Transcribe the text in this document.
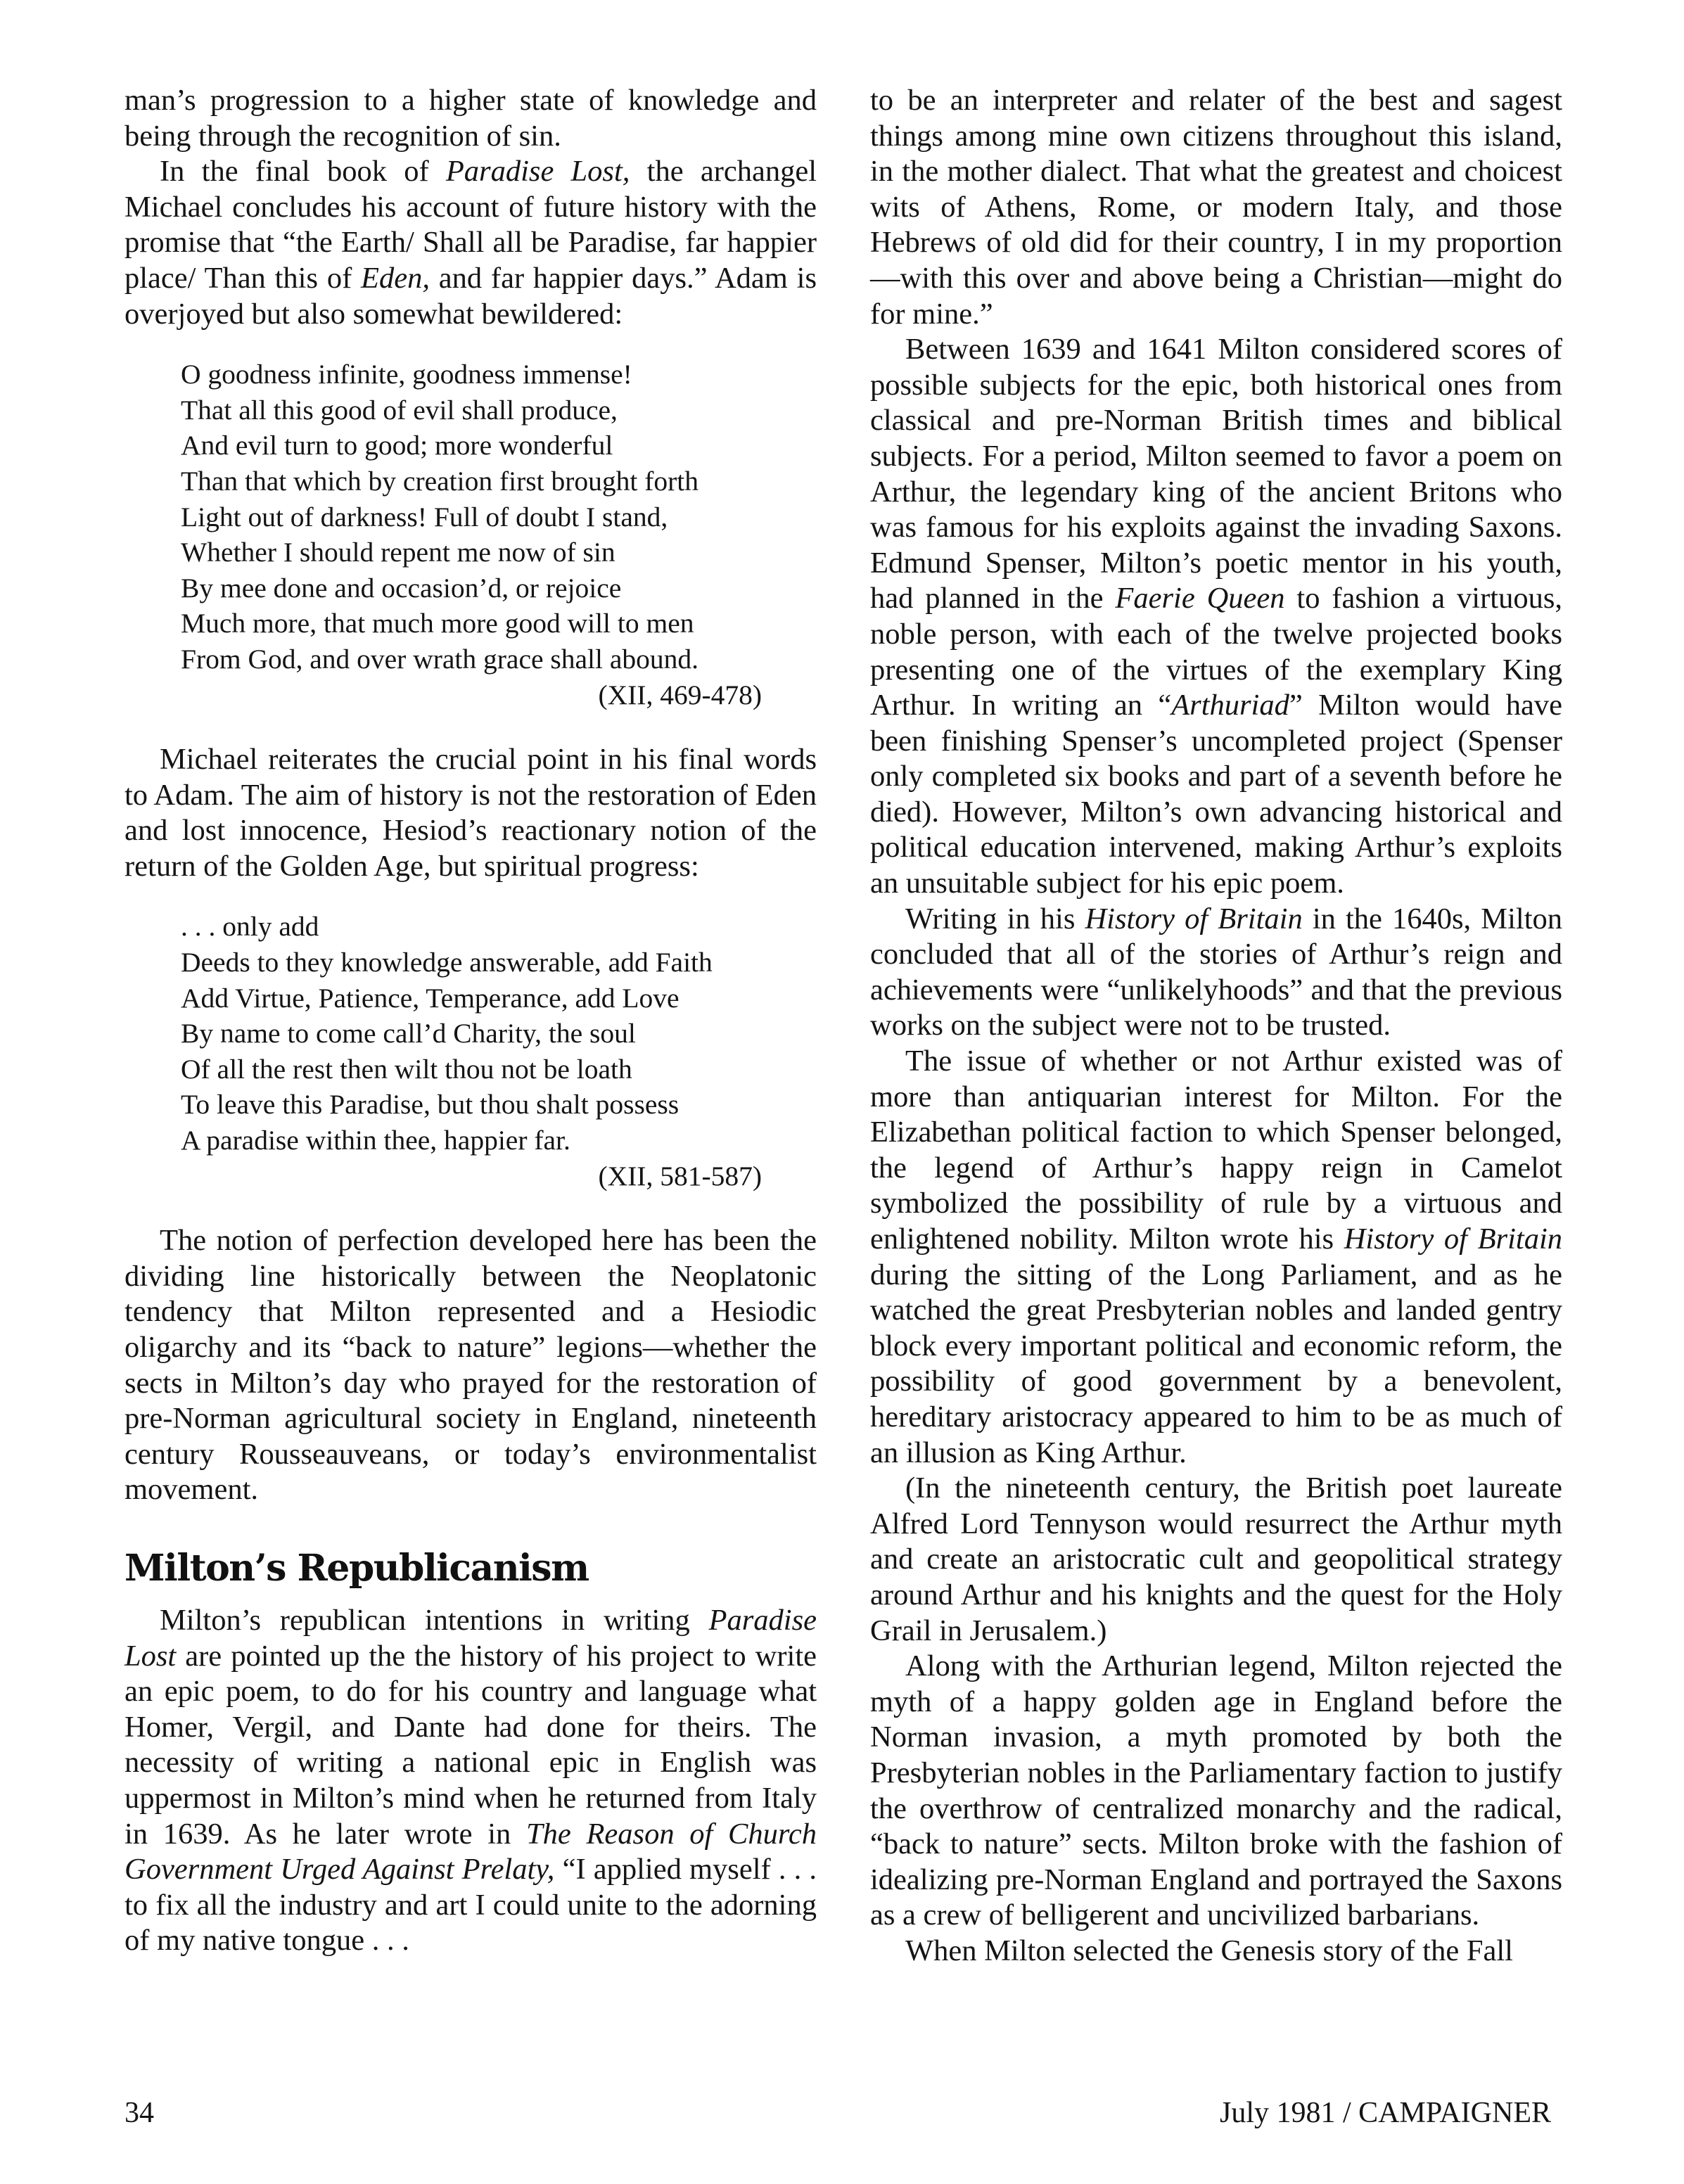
man’s progression to a higher state of knowledge and being through the recognition of sin.

In the final book of Paradise Lost, the archangel Michael concludes his account of future history with the promise that “the Earth/ Shall all be Paradise, far happier place/ Than this of Eden, and far happier days.” Adam is overjoyed but also somewhat bewildered:

O goodness infinite, goodness immense!
That all this good of evil shall produce,
And evil turn to good; more wonderful
Than that which by creation first brought forth
Light out of darkness! Full of doubt I stand,
Whether I should repent me now of sin
By mee done and occasion’d, or rejoice
Much more, that much more good will to men
From God, and over wrath grace shall abound.
(XII, 469-478)

Michael reiterates the crucial point in his final words to Adam. The aim of history is not the restoration of Eden and lost innocence, Hesiod’s reactionary notion of the return of the Golden Age, but spiritual progress:

. . . only add
Deeds to they knowledge answerable, add Faith
Add Virtue, Patience, Temperance, add Love
By name to come call’d Charity, the soul
Of all the rest then wilt thou not be loath
To leave this Paradise, but thou shalt possess
A paradise within thee, happier far.
(XII, 581-587)

The notion of perfection developed here has been the dividing line historically between the Neoplatonic tendency that Milton represented and a Hesiodic oligarchy and its “back to nature” legions—whether the sects in Milton’s day who prayed for the restoration of pre-Norman agricultural society in England, nineteenth century Rousseauveans, or today’s environmentalist movement.

Milton’s Republicanism

Milton’s republican intentions in writing Paradise Lost are pointed up the the history of his project to write an epic poem, to do for his country and language what Homer, Vergil, and Dante had done for theirs. The necessity of writing a national epic in English was uppermost in Milton’s mind when he returned from Italy in 1639. As he later wrote in The Reason of Church Government Urged Against Prelaty, “I applied myself . . . to fix all the industry and art I could unite to the adorning of my native tongue . . .

to be an interpreter and relater of the best and sagest things among mine own citizens throughout this island, in the mother dialect. That what the greatest and choicest wits of Athens, Rome, or modern Italy, and those Hebrews of old did for their country, I in my proportion—with this over and above being a Christian—might do for mine.”

Between 1639 and 1641 Milton considered scores of possible subjects for the epic, both historical ones from classical and pre-Norman British times and biblical subjects. For a period, Milton seemed to favor a poem on Arthur, the legendary king of the ancient Britons who was famous for his exploits against the invading Saxons. Edmund Spenser, Milton’s poetic mentor in his youth, had planned in the Faerie Queen to fashion a virtuous, noble person, with each of the twelve projected books presenting one of the virtues of the exemplary King Arthur. In writing an “Arthuriad” Milton would have been finishing Spenser’s uncompleted project (Spenser only completed six books and part of a seventh before he died). However, Milton’s own advancing historical and political education intervened, making Arthur’s exploits an unsuitable subject for his epic poem.

Writing in his History of Britain in the 1640s, Milton concluded that all of the stories of Arthur’s reign and achievements were “unlikelyhoods” and that the previous works on the subject were not to be trusted.

The issue of whether or not Arthur existed was of more than antiquarian interest for Milton. For the Elizabethan political faction to which Spenser belonged, the legend of Arthur’s happy reign in Camelot symbolized the possibility of rule by a virtuous and enlightened nobility. Milton wrote his History of Britain during the sitting of the Long Parliament, and as he watched the great Presbyterian nobles and landed gentry block every important political and economic reform, the possibility of good government by a benevolent, hereditary aristocracy appeared to him to be as much of an illusion as King Arthur.

(In the nineteenth century, the British poet laureate Alfred Lord Tennyson would resurrect the Arthur myth and create an aristocratic cult and geopolitical strategy around Arthur and his knights and the quest for the Holy Grail in Jerusalem.)

Along with the Arthurian legend, Milton rejected the myth of a happy golden age in England before the Norman invasion, a myth promoted by both the Presbyterian nobles in the Parliamentary faction to justify the overthrow of centralized monarchy and the radical, “back to nature” sects. Milton broke with the fashion of idealizing pre-Norman England and portrayed the Saxons as a crew of belligerent and uncivilized barbarians.

When Milton selected the Genesis story of the Fall

34	July 1981 / CAMPAIGNER
